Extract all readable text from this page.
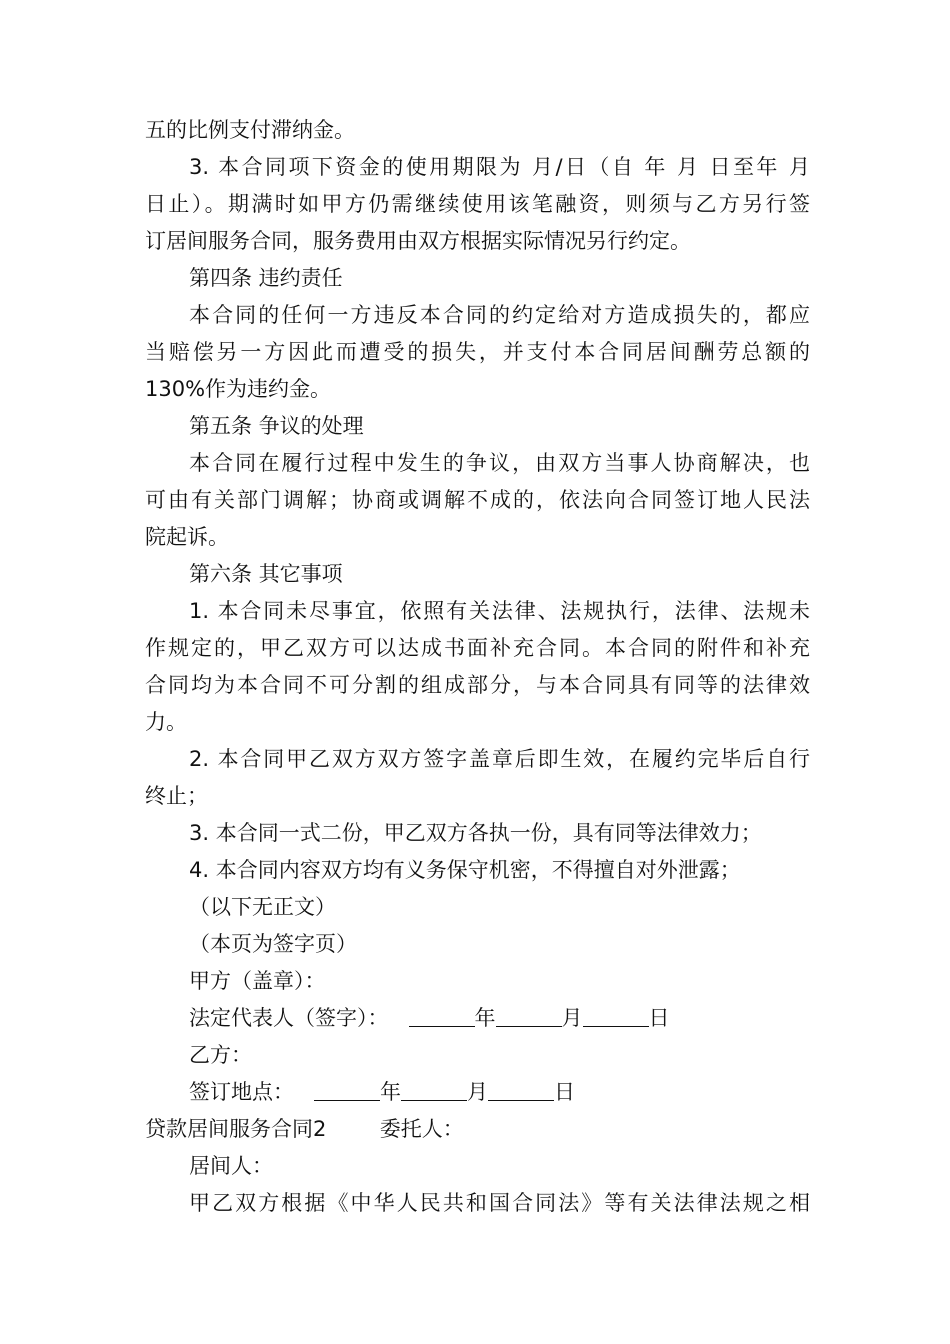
五的比例支付滞纳金。
3. 本合同项下资金的使用期限为 月/日（自 年 月 日至年 月
日止）。期满时如甲方仍需继续使用该笔融资，则须与乙方另行签
订居间服务合同，服务费用由双方根据实际情况另行约定。
第四条 违约责任
本合同的任何一方违反本合同的约定给对方造成损失的，都应
当赔偿另一方因此而遭受的损失，并支付本合同居间酬劳总额的
130%作为违约金。
第五条 争议的处理
本合同在履行过程中发生的争议，由双方当事人协商解决，也
可由有关部门调解；协商或调解不成的，依法向合同签订地人民法
院起诉。
第六条 其它事项
1. 本合同未尽事宜，依照有关法律、法规执行，法律、法规未
作规定的，甲乙双方可以达成书面补充合同。本合同的附件和补充
合同均为本合同不可分割的组成部分，与本合同具有同等的法律效
力。
2. 本合同甲乙双方双方签字盖章后即生效，在履约完毕后自行
终止；
3. 本合同一式二份，甲乙双方各执一份，具有同等法律效力；
4. 本合同内容双方均有义务保守机密，不得擅自对外泄露；
（以下无正文）
（本页为签字页）
甲方（盖章）：
法定代表人（签字）：	年	月	日
乙方：
签订地点：	年	月	日
贷款居间服务合同2        委托人：
居间人：
甲乙双方根据《中华人民共和国合同法》等有关法律法规之相
